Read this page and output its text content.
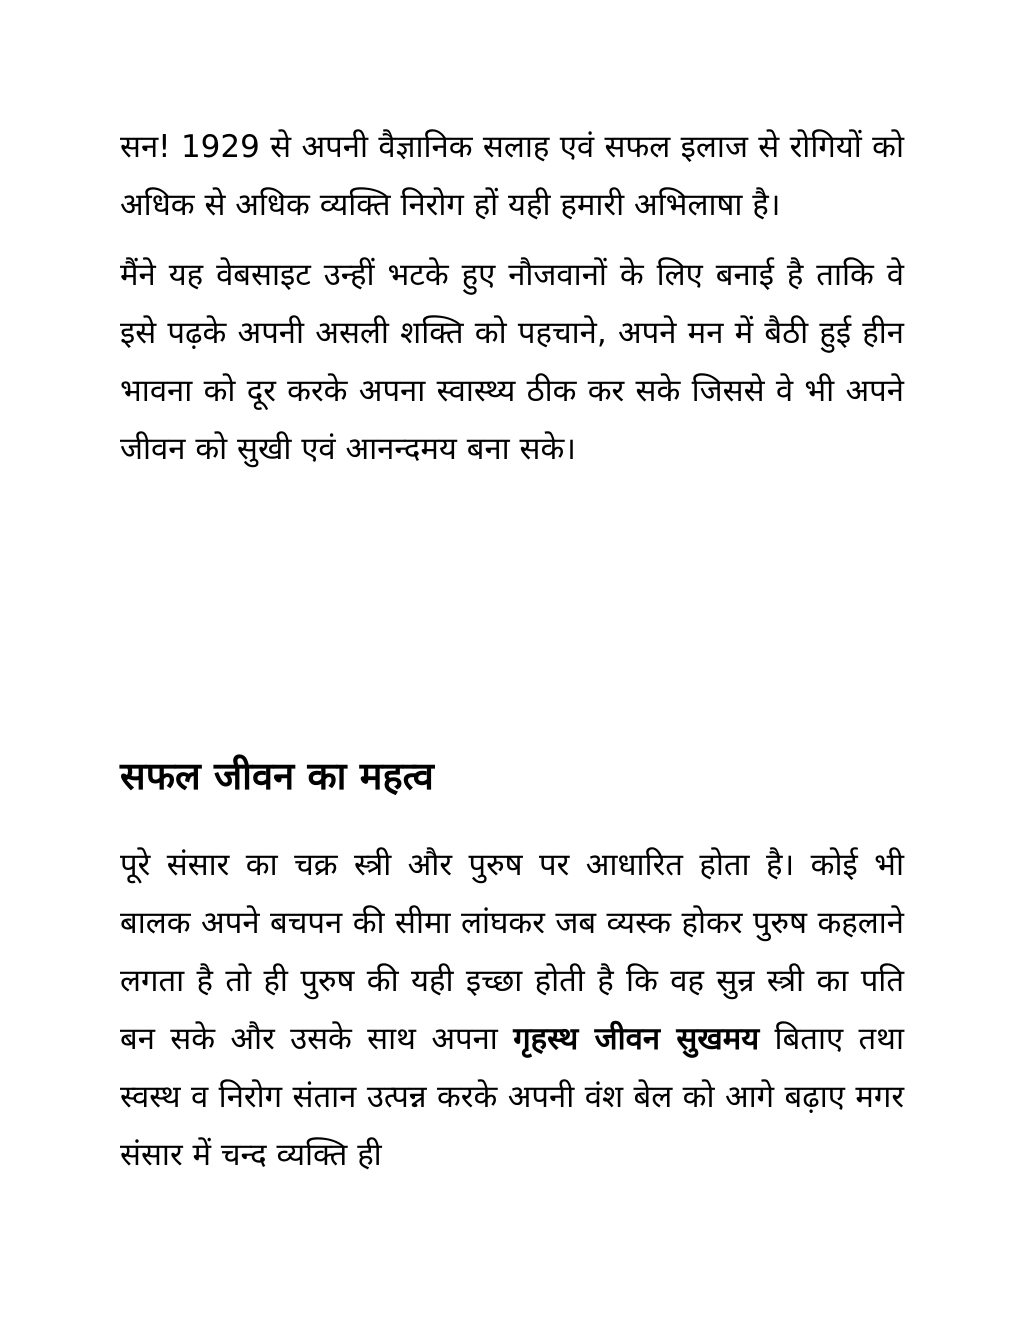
सन! 1929 से अपनी वैज्ञानिक सलाह एवं सफल इलाज से रोगियों को अधिक से अधिक व्यक्ति निरोग हों यही हमारी अभिलाषा है।

मैंने यह वेबसाइट उन्हीं भटके हुए नौजवानों के लिए बनाई है ताकि वे इसे पढ़के अपनी असली शक्ति को पहचाने, अपने मन में बैठी हुई हीन भावना को दूर करके अपना स्वास्थ्य ठीक कर सके जिससे वे भी अपने जीवन को सुखी एवं आनन्दमय बना सके।

सफल जीवन का महत्व

पूरे संसार का चक्र स्त्री और पुरुष पर आधारित होता है। कोई भी बालक अपने बचपन की सीमा लांघकर जब व्यस्क होकर पुरुष कहलाने लगता है तो ही पुरुष की यही इच्छा होती है कि वह सुन्र स्त्री का पति बन सके और उसके साथ अपना गृहस्थ जीवन सुखमय बिताए तथा स्वस्थ व निरोग संतान उत्पन्न करके अपनी वंश बेल को आगे बढ़ाए मगर संसार में चन्द व्यक्ति ही
